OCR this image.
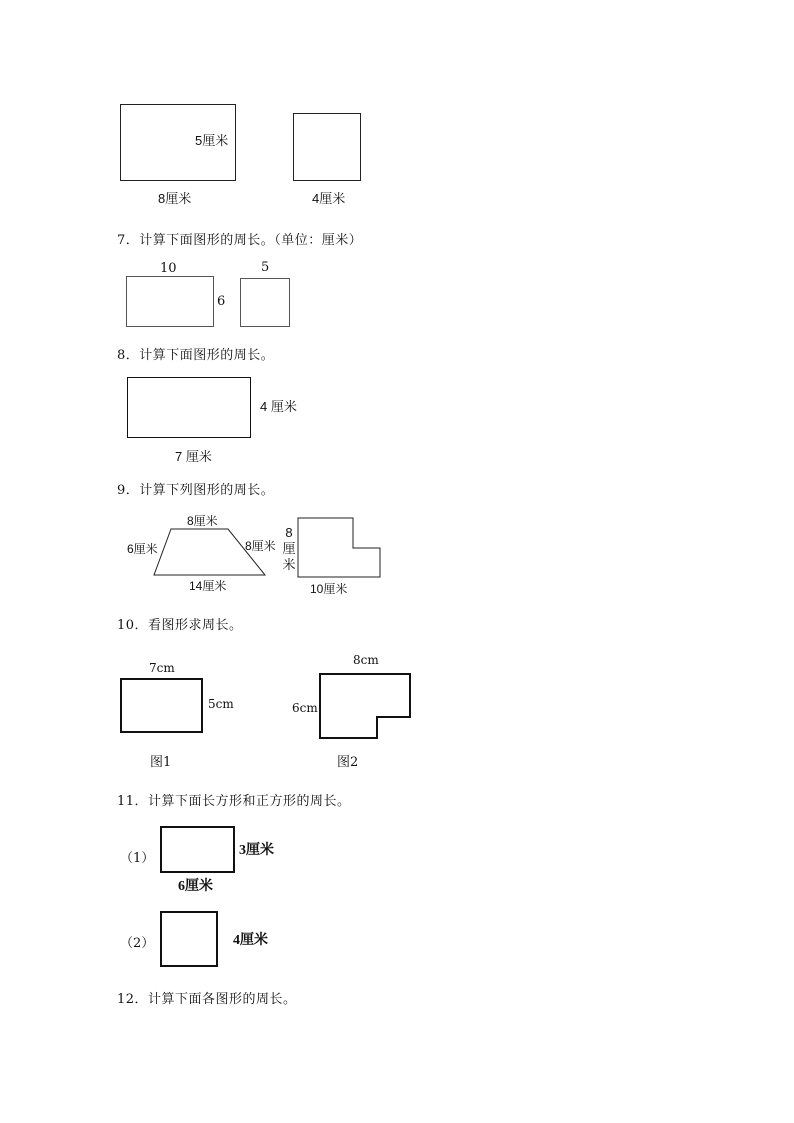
5厘米
8厘米	4厘米
7．计算下面图形的周长。（单位：厘米）
10
6
5
8．计算下面图形的周长。
4 厘米
7 厘米
9．计算下列图形的周长。
8厘米
6厘米	8厘米
14厘米
8
厘
米
10厘米
10．看图形求周长。
7cm
5cm
图1
8cm
6cm
图2
11．计算下面长方形和正方形的周长。
（1）
3厘米
6厘米
（2）	4厘米
12．计算下面各图形的周长。
